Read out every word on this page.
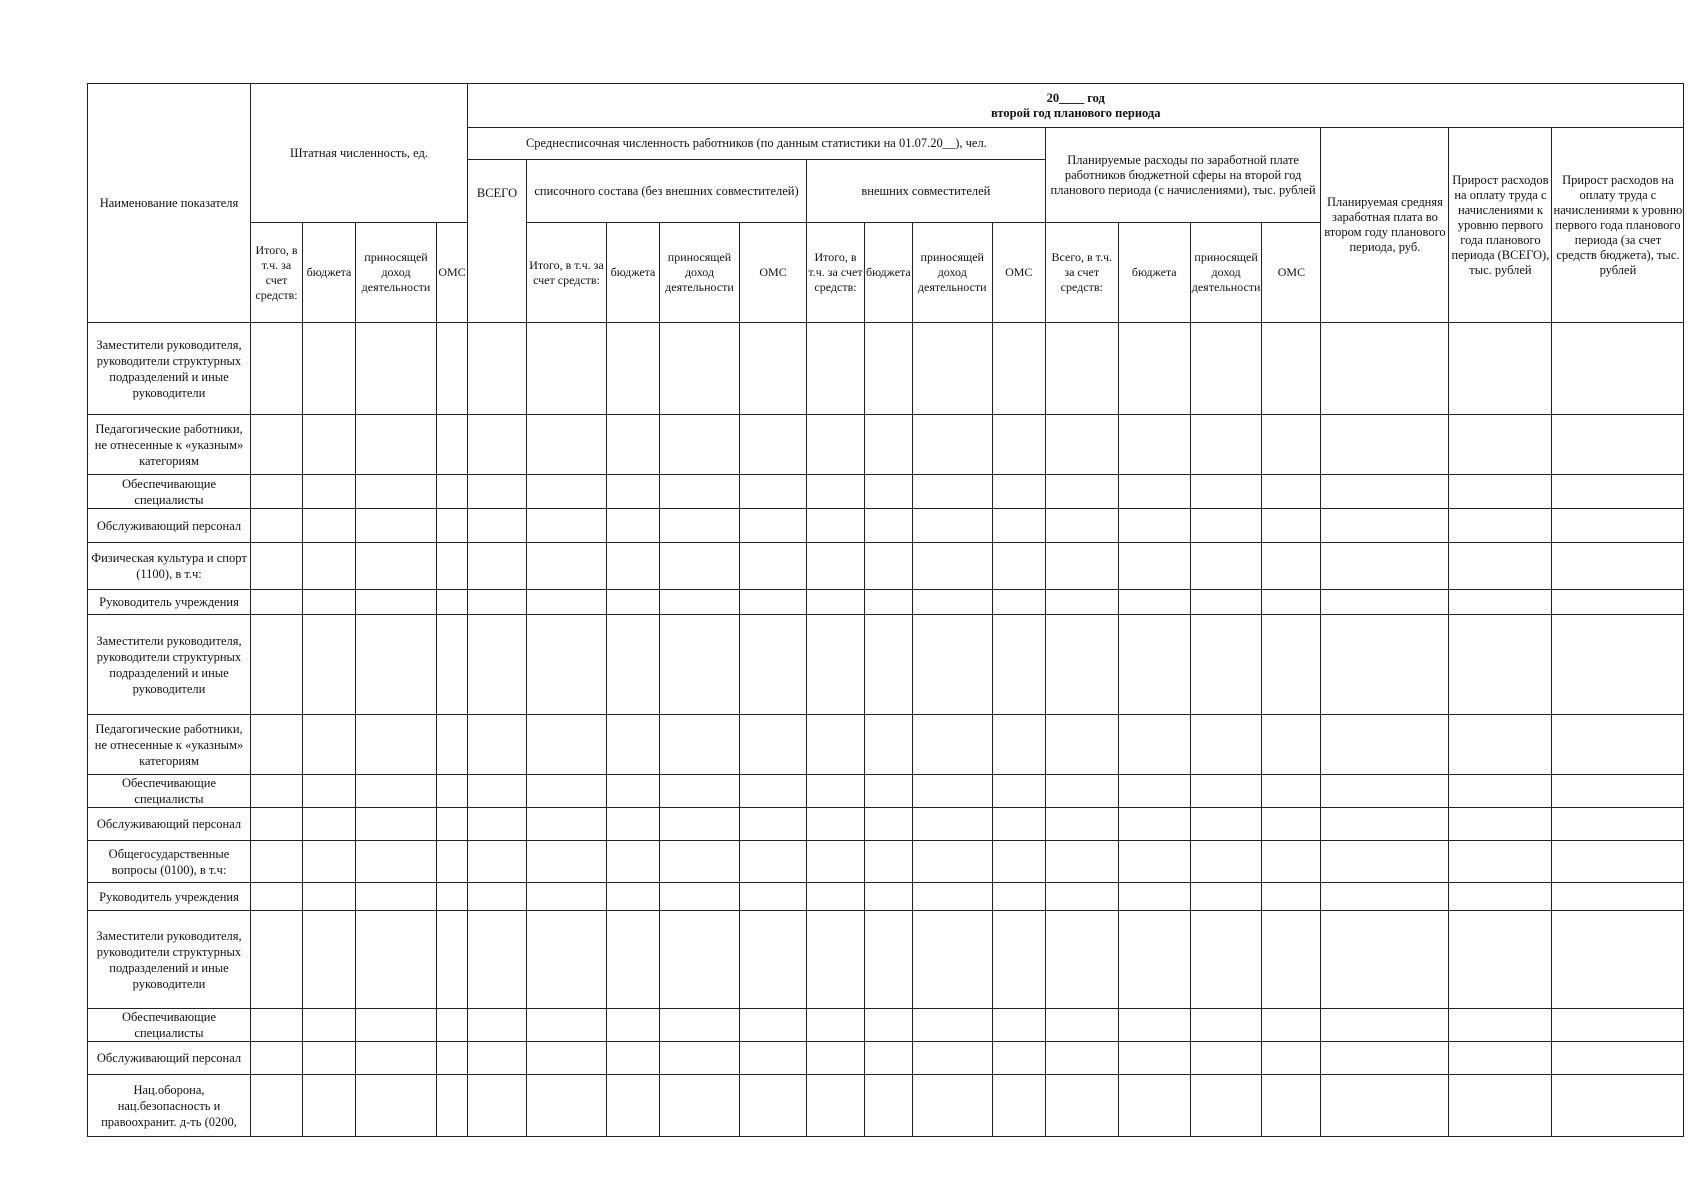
Наименование показателя	Штатная численность, ед.				20____ год
второй год планового периода															

					Среднесписочная численность работников (по данным статистики на 01.07.20__), чел.									Планируемые расходы по заработной плате работников бюджетной сферы на второй год планового периода (с начислениями), тыс. рублей				Планируемая средняя заработная плата во втором году планового периода, руб.	Прирост расходов на оплату труда с начислениями к уровню первого года планового периода (ВСЕГО), тыс. рублей	Прирост расходов на оплату труда с начислениями к уровню первого года планового периода (за счет средств бюджета), тыс. рублей
					ВСЕГО	списочного состава (без внешних совместителей)				внешних совместителей										
	Итого, в т.ч. за счет средств:	бюджета	приносящей доход деятельности	ОМС		Итого, в т.ч. за счет средств:	бюджета	приносящей доход деятельности	ОМС	Итого, в т.ч. за счет средств:	бюджета	приносящей доход деятельности	ОМС	Всего, в т.ч. за счет средств:	бюджета	приносящей доход деятельности	ОМС			
Заместители руководителя, руководители структурных подразделений и иные руководители																				
Педагогические работники, не отнесенные к «указным» категориям																				
Обеспечивающие специалисты																				
Обслуживающий персонал																				
Физическая культура и спорт (1100), в т.ч:																				
Руководитель учреждения																				
Заместители руководителя, руководители структурных подразделений и иные руководители																				
Педагогические работники, не отнесенные к «указным» категориям																				
Обеспечивающие специалисты																				
Обслуживающий персонал																				
Общегосударственные вопросы (0100), в т.ч:																				
Руководитель учреждения																				
Заместители руководителя, руководители структурных подразделений и иные руководители																				
Обеспечивающие специалисты																				
Обслуживающий персонал																				
Нац.оборона, нац.безопасность и правоохранит. д-ть (0200,																				
